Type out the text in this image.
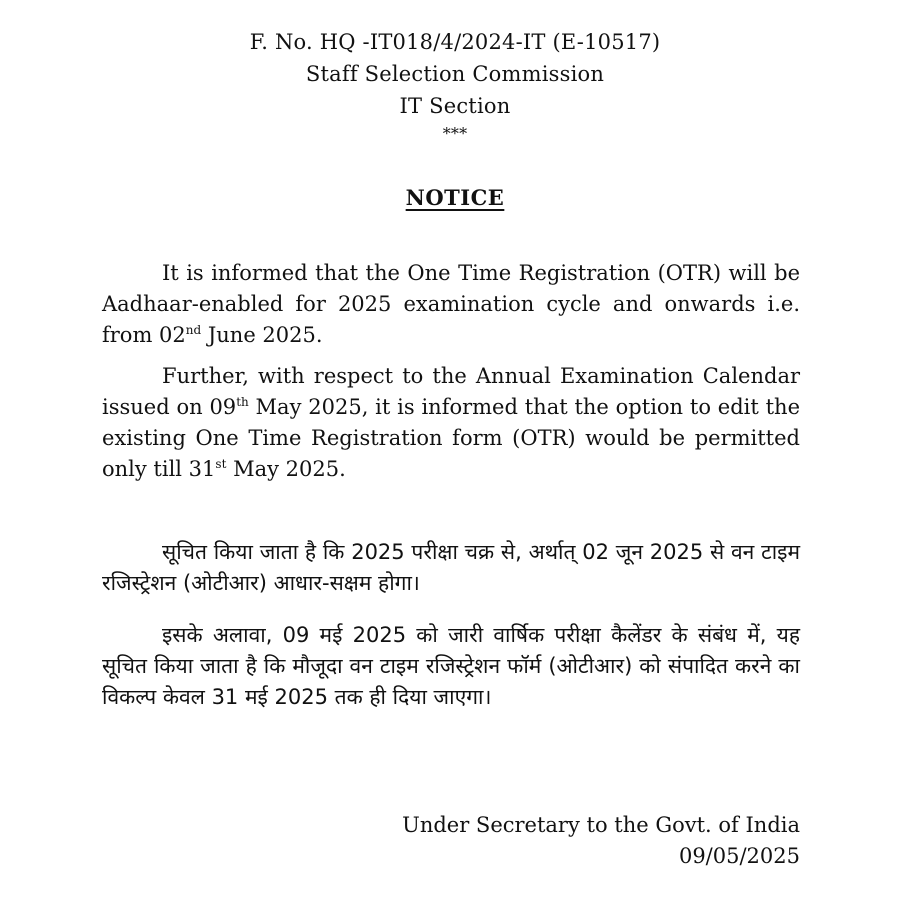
F. No. HQ -IT018/4/2024-IT (E-10517)
Staff Selection Commission
IT Section
***
NOTICE
It is informed that the One Time Registration (OTR) will be Aadhaar-enabled for 2025 examination cycle and onwards i.e. from 02nd June 2025.
Further, with respect to the Annual Examination Calendar issued on 09th May 2025, it is informed that the option to edit the existing One Time Registration form (OTR) would be permitted only till 31st May 2025.
सूचित किया जाता है कि 2025 परीक्षा चक्र से, अर्थात् 02 जून 2025 से वन टाइम रजिस्ट्रेशन (ओटीआर) आधार-सक्षम होगा।
इसके अलावा, 09 मई 2025 को जारी वार्षिक परीक्षा कैलेंडर के संबंध में, यह सूचित किया जाता है कि मौजूदा वन टाइम रजिस्ट्रेशन फॉर्म (ओटीआर) को संपादित करने का विकल्प केवल 31 मई 2025 तक ही दिया जाएगा।
Under Secretary to the Govt. of India
09/05/2025
